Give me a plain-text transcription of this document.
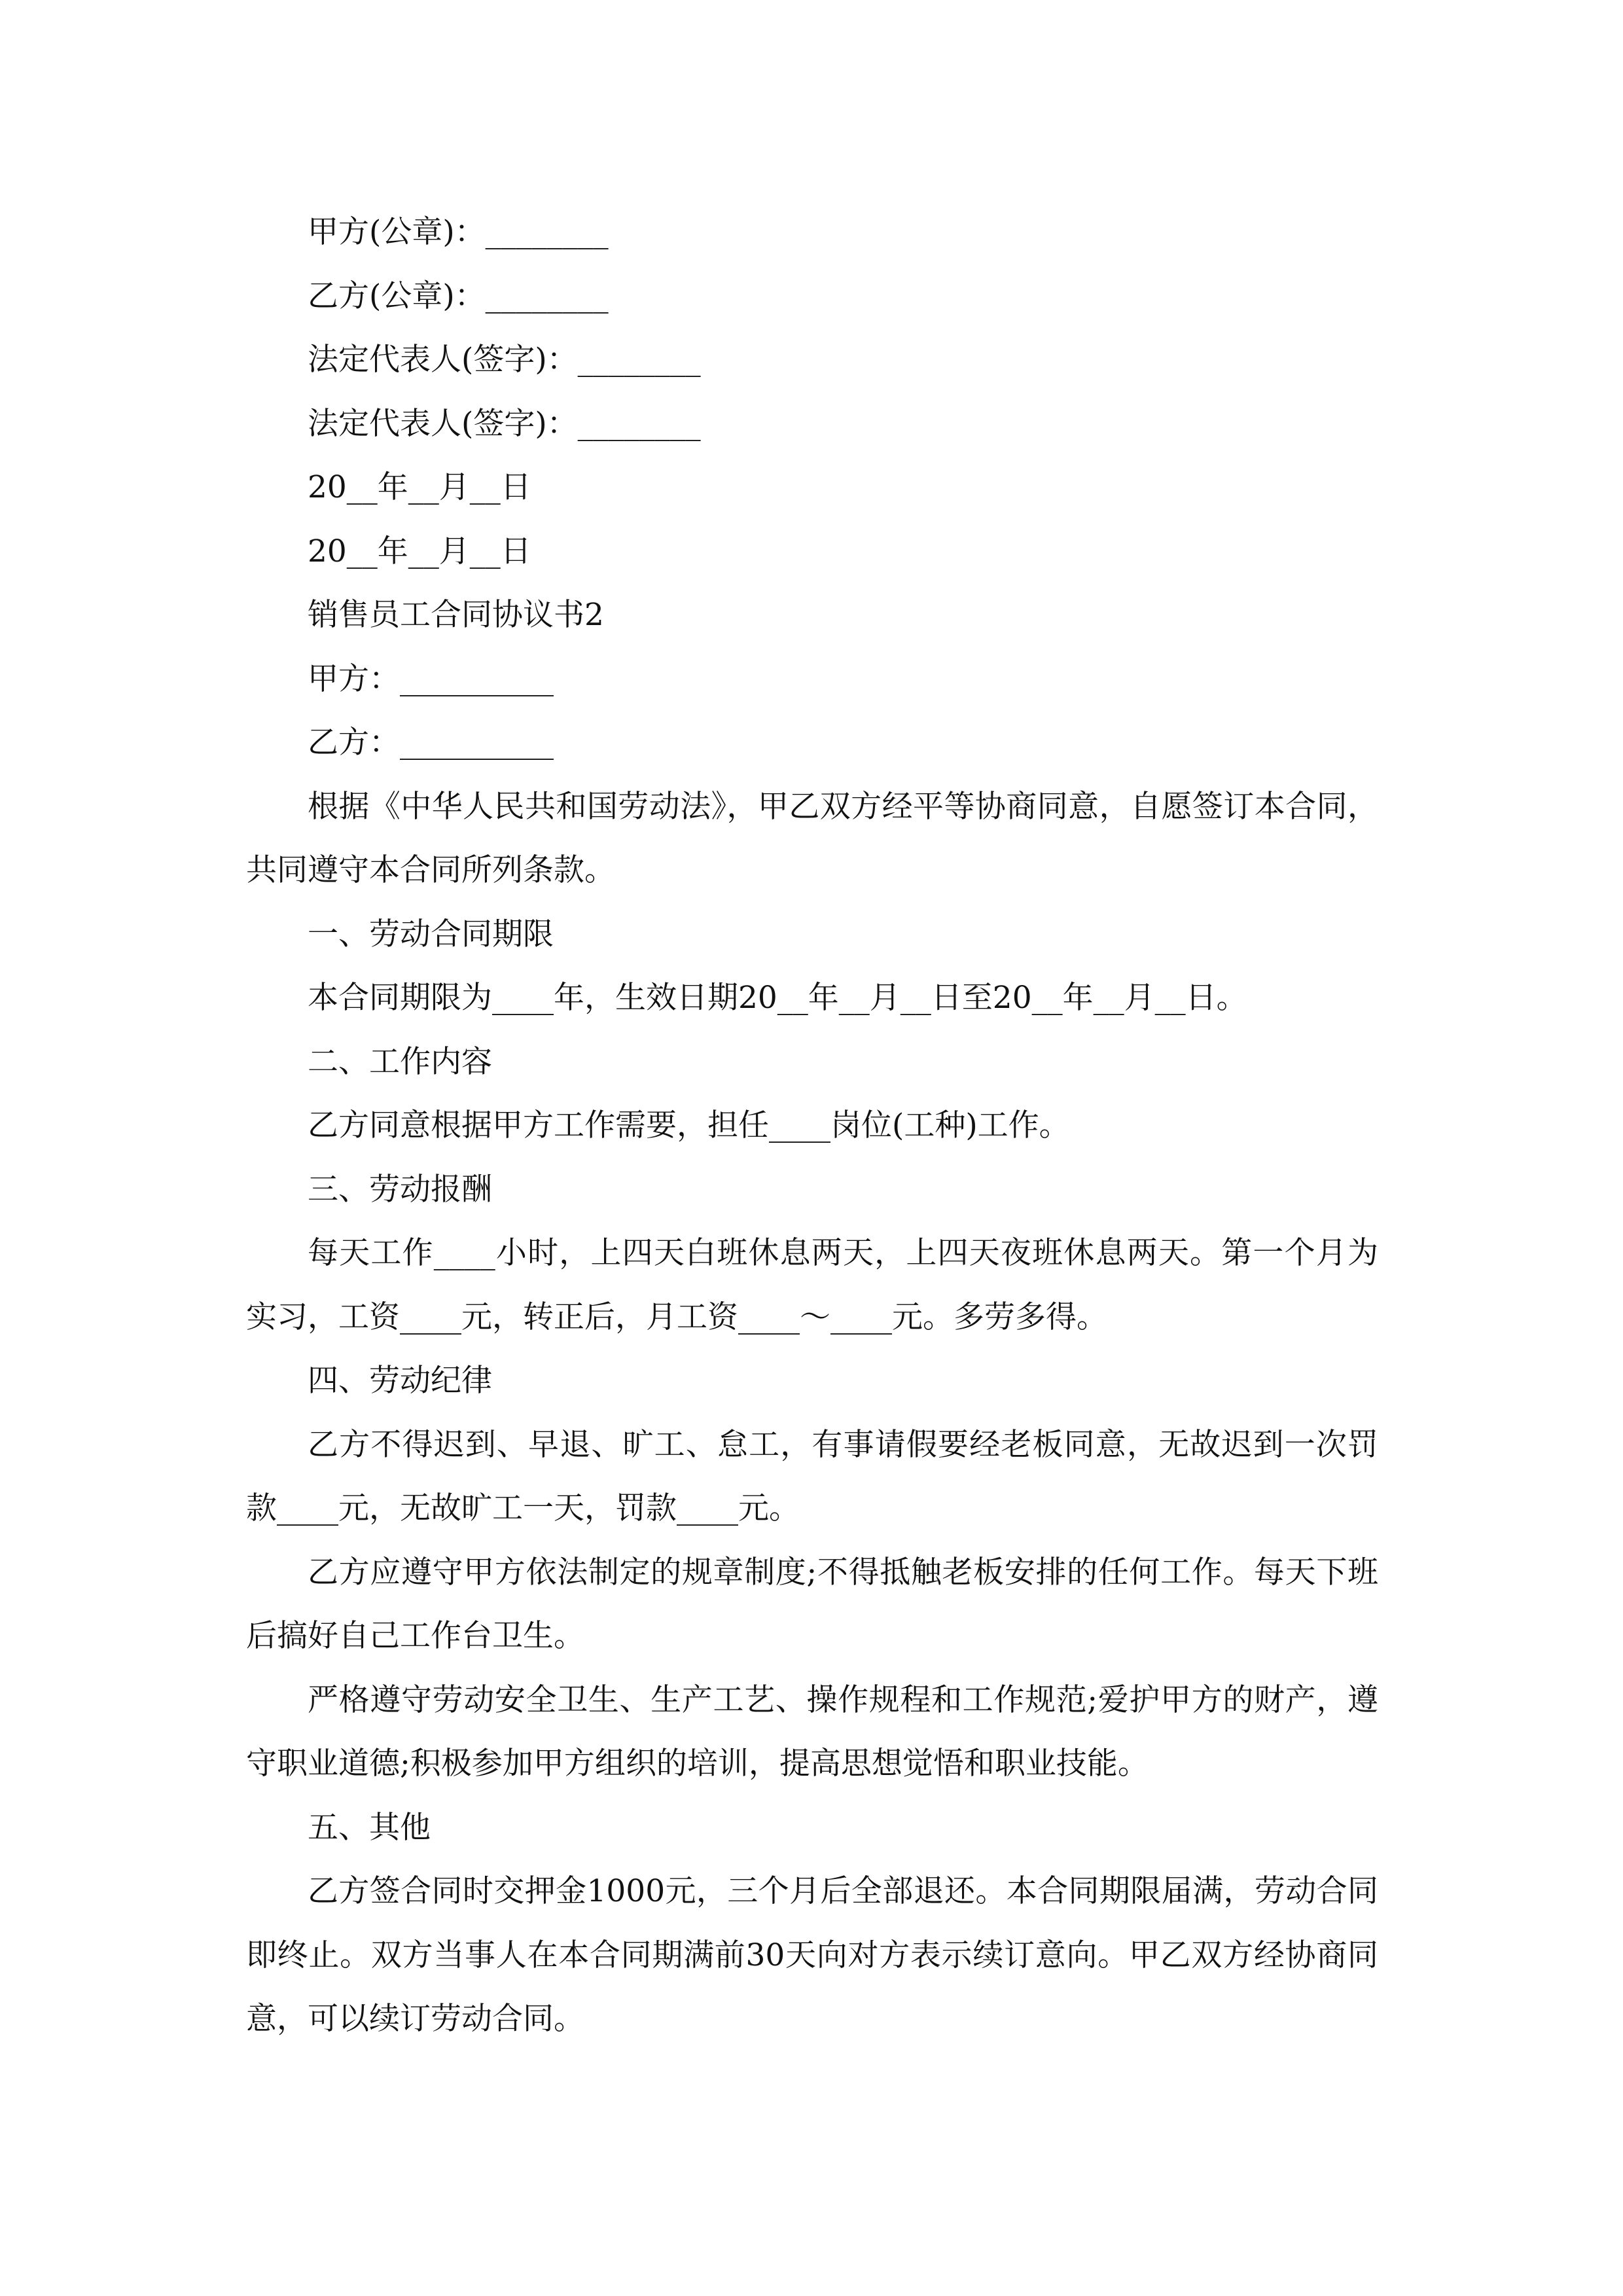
甲方(公章)：________

乙方(公章)：________

法定代表人(签字)：________

法定代表人(签字)：________

20__年__月__日

20__年__月__日

销售员工合同协议书2

甲方：__________

乙方：__________

根据《中华人民共和国劳动法》，甲乙双方经平等协商同意，自愿签订本合同，共同遵守本合同所列条款。

一、劳动合同期限

本合同期限为____年，生效日期20__年__月__日至20__年__月__日。

二、工作内容

乙方同意根据甲方工作需要，担任____岗位(工种)工作。

三、劳动报酬

每天工作____小时，上四天白班休息两天，上四天夜班休息两天。第一个月为实习，工资____元，转正后，月工资____～____元。多劳多得。

四、劳动纪律

乙方不得迟到、早退、旷工、怠工，有事请假要经老板同意，无故迟到一次罚款____元，无故旷工一天，罚款____元。

乙方应遵守甲方依法制定的规章制度;不得抵触老板安排的任何工作。每天下班后搞好自己工作台卫生。

严格遵守劳动安全卫生、生产工艺、操作规程和工作规范;爱护甲方的财产，遵守职业道德;积极参加甲方组织的培训，提高思想觉悟和职业技能。

五、其他

乙方签合同时交押金1000元，三个月后全部退还。本合同期限届满，劳动合同即终止。双方当事人在本合同期满前30天向对方表示续订意向。甲乙双方经协商同意，可以续订劳动合同。
